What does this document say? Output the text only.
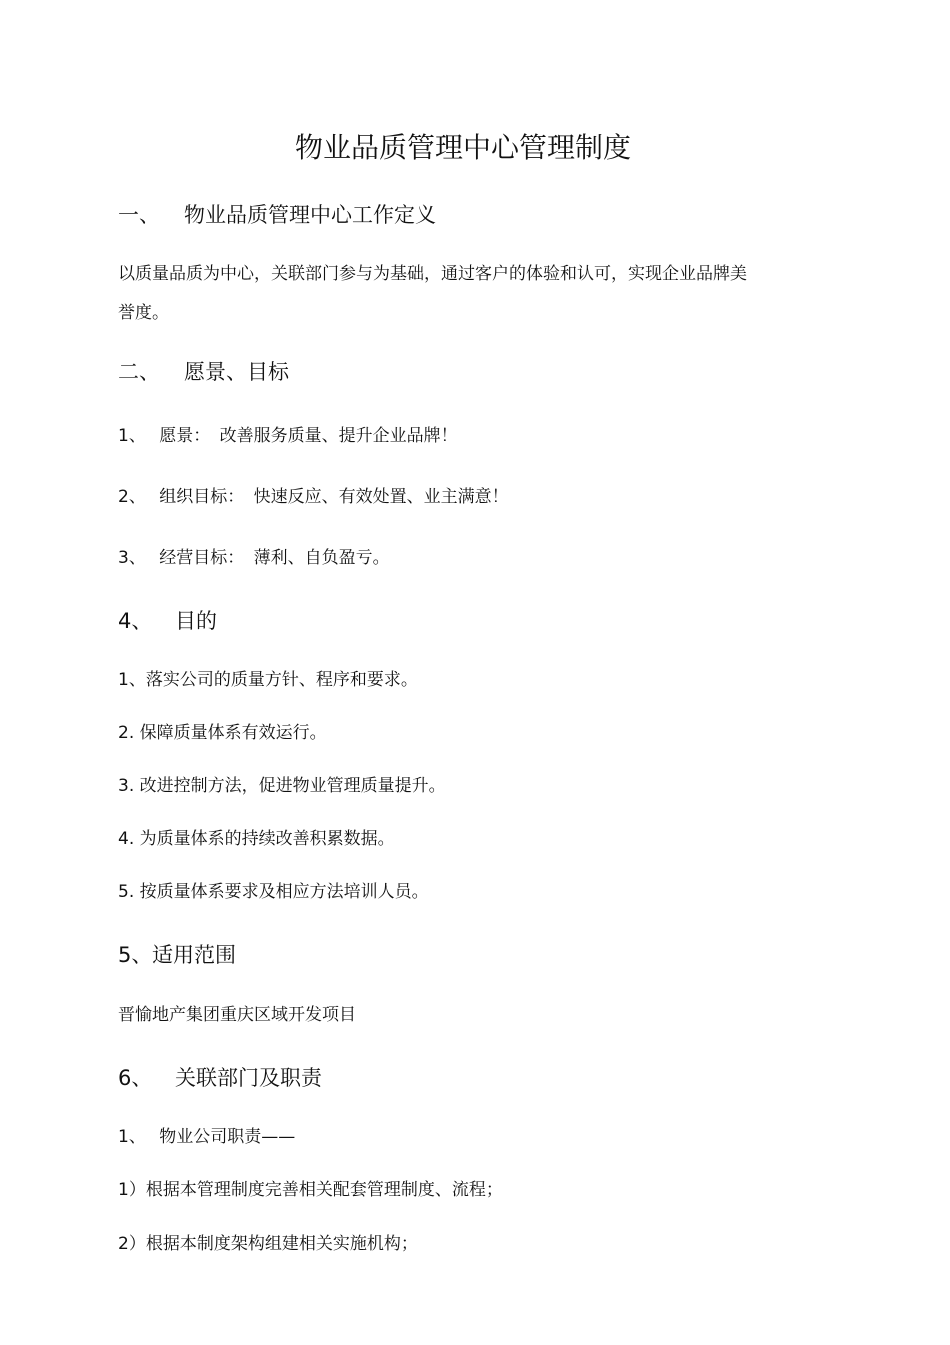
物业品质管理中心管理制度
一、 物业品质管理中心工作定义
以质量品质为中心，关联部门参与为基础，通过客户的体验和认可，实现企业品牌美
誉度。
二、 愿景、目标
1、 愿景： 改善服务质量、提升企业品牌！
2、 组织目标： 快速反应、有效处置、业主满意！
3、 经营目标： 薄利、自负盈亏。
4、 目的
1、落实公司的质量方针、程序和要求。
2. 保障质量体系有效运行。
3. 改进控制方法，促进物业管理质量提升。
4. 为质量体系的持续改善积累数据。
5. 按质量体系要求及相应方法培训人员。
5、 适用范围
晋愉地产集团重庆区域开发项目
6、 关联部门及职责
1、 物业公司职责——
1）根据本管理制度完善相关配套管理制度、流程；
2）根据本制度架构组建相关实施机构；
